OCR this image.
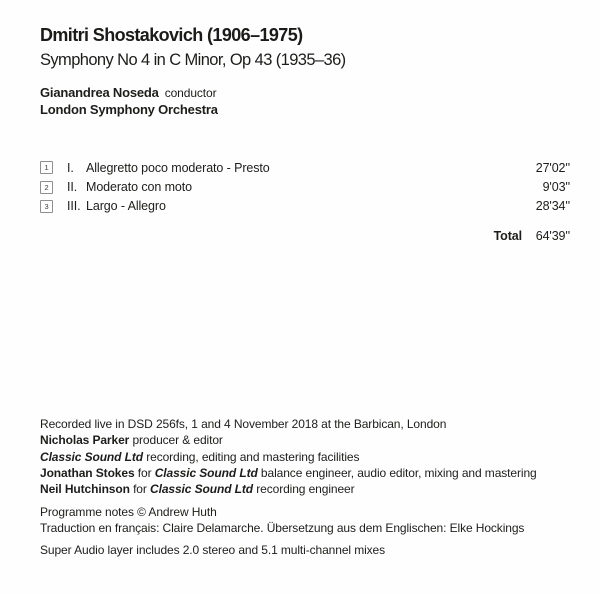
Dmitri Shostakovich (1906–1975)
Symphony No 4 in C Minor, Op 43 (1935–36)
Gianandrea Noseda conductor
London Symphony Orchestra
1	I. Allegretto poco moderato - Presto	27'02''
2	II. Moderato con moto	9'03''
3	III. Largo - Allegro	28'34''
Total	64'39''
Recorded live in DSD 256fs, 1 and 4 November 2018 at the Barbican, London
Nicholas Parker producer & editor
Classic Sound Ltd recording, editing and mastering facilities
Jonathan Stokes for Classic Sound Ltd balance engineer, audio editor, mixing and mastering
Neil Hutchinson for Classic Sound Ltd recording engineer
Programme notes © Andrew Huth
Traduction en français: Claire Delamarche. Übersetzung aus dem Englischen: Elke Hockings
Super Audio layer includes 2.0 stereo and 5.1 multi-channel mixes
